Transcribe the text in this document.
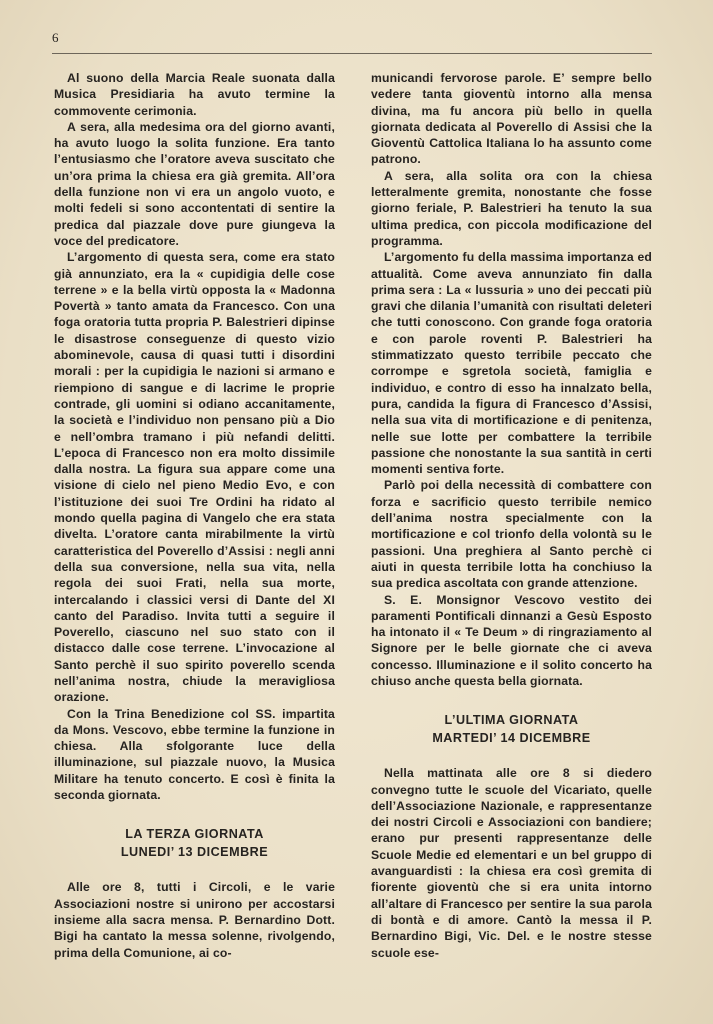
6

Al suono della Marcia Reale suonata dalla Musica Presidiaria ha avuto termine la commovente cerimonia.

A sera, alla medesima ora del giorno avanti, ha avuto luogo la solita funzione. Era tanto l’entusiasmo che l’oratore aveva suscitato che un’ora prima la chiesa era già gremita. All’ora della funzione non vi era un angolo vuoto, e molti fedeli si sono accontentati di sentire la predica dal piazzale dove pure giungeva la voce del predicatore.

L’argomento di questa sera, come era stato già annunziato, era la « cupidigia delle cose terrene » e la bella virtù opposta la « Madonna Povertà » tanto amata da Francesco. Con una foga oratoria tutta propria P. Balestrieri dipinse le disastrose conseguenze di questo vizio abominevole, causa di quasi tutti i disordini morali : per la cupidigia le nazioni si armano e riempiono di sangue e di lacrime le proprie contrade, gli uomini si odiano accanitamente, la società e l’individuo non pensano più a Dio e nell’ombra tramano i più nefandi delitti. L’epoca di Francesco non era molto dissimile dalla nostra. La figura sua appare come una visione di cielo nel pieno Medio Evo, e con l’istituzione dei suoi Tre Ordini ha ridato al mondo quella pagina di Vangelo che era stata divelta. L’oratore canta mirabilmente la virtù caratteristica del Poverello d’Assisi : negli anni della sua conversione, nella sua vita, nella regola dei suoi Frati, nella sua morte, intercalando i classici versi di Dante del XI canto del Paradiso. Invita tutti a seguire il Poverello, ciascuno nel suo stato con il distacco dalle cose terrene. L’invocazione al Santo perchè il suo spirito poverello scenda nell’anima nostra, chiude la meravigliosa orazione.

Con la Trina Benedizione col SS. impartita da Mons. Vescovo, ebbe termine la funzione in chiesa. Alla sfolgorante luce della illuminazione, sul piazzale nuovo, la Musica Militare ha tenuto concerto. E così è finita la seconda giornata.

LA TERZA GIORNATA
LUNEDI’ 13 DICEMBRE

Alle ore 8, tutti i Circoli, e le varie Associazioni nostre si unirono per accostarsi insieme alla sacra mensa. P. Bernardino Dott. Bigi ha cantato la messa solenne, rivolgendo, prima della Comunione, ai co-

municandi fervorose parole. E’ sempre bello vedere tanta gioventù intorno alla mensa divina, ma fu ancora più bello in quella giornata dedicata al Poverello di Assisi che la Gioventù Cattolica Italiana lo ha assunto come patrono.

A sera, alla solita ora con la chiesa letteralmente gremita, nonostante che fosse giorno feriale, P. Balestrieri ha tenuto la sua ultima predica, con piccola modificazione del programma.

L’argomento fu della massima importanza ed attualità. Come aveva annunziato fin dalla prima sera : La « lussuria » uno dei peccati più gravi che dilania l’umanità con risultati deleteri che tutti conoscono. Con grande foga oratoria e con parole roventi P. Balestrieri ha stimmatizzato questo terribile peccato che corrompe e sgretola società, famiglia e individuo, e contro di esso ha innalzato bella, pura, candida la figura di Francesco d’Assisi, nella sua vita di mortificazione e di penitenza, nelle sue lotte per combattere la terribile passione che nonostante la sua santità in certi momenti sentiva forte.

Parlò poi della necessità di combattere con forza e sacrificio questo terribile nemico dell’anima nostra specialmente con la mortificazione e col trionfo della volontà su le passioni. Una preghiera al Santo perchè ci aiuti in questa terribile lotta ha conchiuso la sua predica ascoltata con grande attenzione.

S. E. Monsignor Vescovo vestito dei paramenti Pontificali dinnanzi a Gesù Esposto ha intonato il « Te Deum » di ringraziamento al Signore per le belle giornate che ci aveva concesso. Illuminazione e il solito concerto ha chiuso anche questa bella giornata.

L’ULTIMA GIORNATA
MARTEDI’ 14 DICEMBRE

Nella mattinata alle ore 8 si diedero convegno tutte le scuole del Vicariato, quelle dell’Associazione Nazionale, e rappresentanze dei nostri Circoli e Associazioni con bandiere; erano pur presenti rappresentanze delle Scuole Medie ed elementari e un bel gruppo di avanguardisti : la chiesa era così gremita di fiorente gioventù che si era unita intorno all’altare di Francesco per sentire la sua parola di bontà e di amore. Cantò la messa il P. Bernardino Bigi, Vic. Del. e le nostre stesse scuole ese-
